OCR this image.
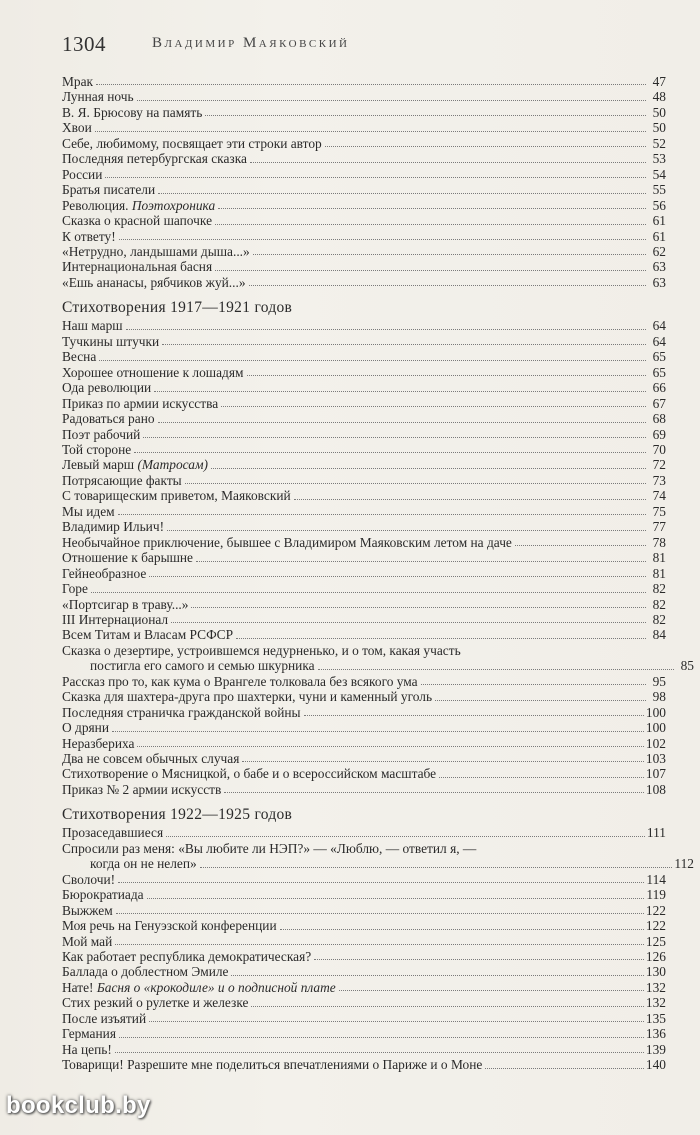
1304	Владимир Маяковский
Мрак	47
Лунная ночь	48
В. Я. Брюсову на память	50
Хвои	50
Себе, любимому, посвящает эти строки автор	52
Последняя петербургская сказка	53
России	54
Братья писатели	55
Революция. Поэтохроника	56
Сказка о красной шапочке	61
К ответу!	61
«Нетрудно, ландышами дыша...»	62
Интернациональная басня	63
«Ешь ананасы, рябчиков жуй...»	63
Стихотворения 1917—1921 годов
Наш марш	64
Тучкины штучки	64
Весна	65
Хорошее отношение к лошадям	65
Ода революции	66
Приказ по армии искусства	67
Радоваться рано	68
Поэт рабочий	69
Той стороне	70
Левый марш (Матросам)	72
Потрясающие факты	73
С товарищеским приветом, Маяковский	74
Мы идем	75
Владимир Ильич!	77
Необычайное приключение, бывшее с Владимиром Маяковским летом на даче	78
Отношение к барышне	81
Гейнеобразное	81
Горе	82
«Портсигар в траву...»	82
III Интернационал	82
Всем Титам и Власам РСФСР	84
Сказка о дезертире, устроившемся недурненько, и о том, какая участь
постигла его самого и семью шкурника	85
Рассказ про то, как кума о Врангеле толковала без всякого ума	95
Сказка для шахтера-друга про шахтерки, чуни и каменный уголь	98
Последняя страничка гражданской войны	100
О дряни	100
Неразбериха	102
Два не совсем обычных случая	103
Стихотворение о Мясницкой, о бабе и о всероссийском масштабе	107
Приказ № 2 армии искусств	108
Стихотворения 1922—1925 годов
Прозаседавшиеся	111
Спросили раз меня: «Вы любите ли НЭП?» — «Люблю, — ответил я, —
когда он не нелеп»	112
Сволочи!	114
Бюрократиада	119
Выжжем	122
Моя речь на Генуэзской конференции	122
Мой май	125
Как работает республика демократическая?	126
Баллада о доблестном Эмиле	130
Нате! Басня о «крокодиле» и о подписной плате	132
Стих резкий о рулетке и железке	132
После изъятий	135
Германия	136
На цепь!	139
Товарищи! Разрешите мне поделиться впечатлениями о Париже и о Моне	140
bookclub.by
